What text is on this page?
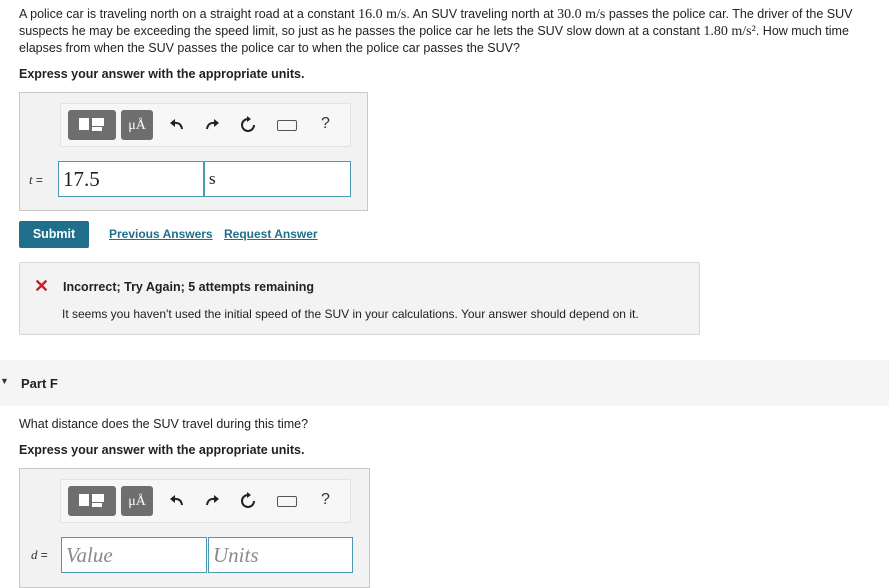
A police car is traveling north on a straight road at a constant 16.0 m/s. An SUV traveling north at 30.0 m/s passes the police car. The driver of the SUV suspects he may be exceeding the speed limit, so just as he passes the police car he lets the SUV slow down at a constant 1.80 m/s². How much time elapses from when the SUV passes the police car to when the police car passes the SUV?
Express your answer with the appropriate units.
μÅ	?
t = 17.5	s
Submit	Previous Answers Request Answer
✕ Incorrect; Try Again; 5 attempts remaining
It seems you haven't used the initial speed of the SUV in your calculations. Your answer should depend on it.
▼ Part F
What distance does the SUV travel during this time?
Express your answer with the appropriate units.
μÅ	?
d = Value	Units
